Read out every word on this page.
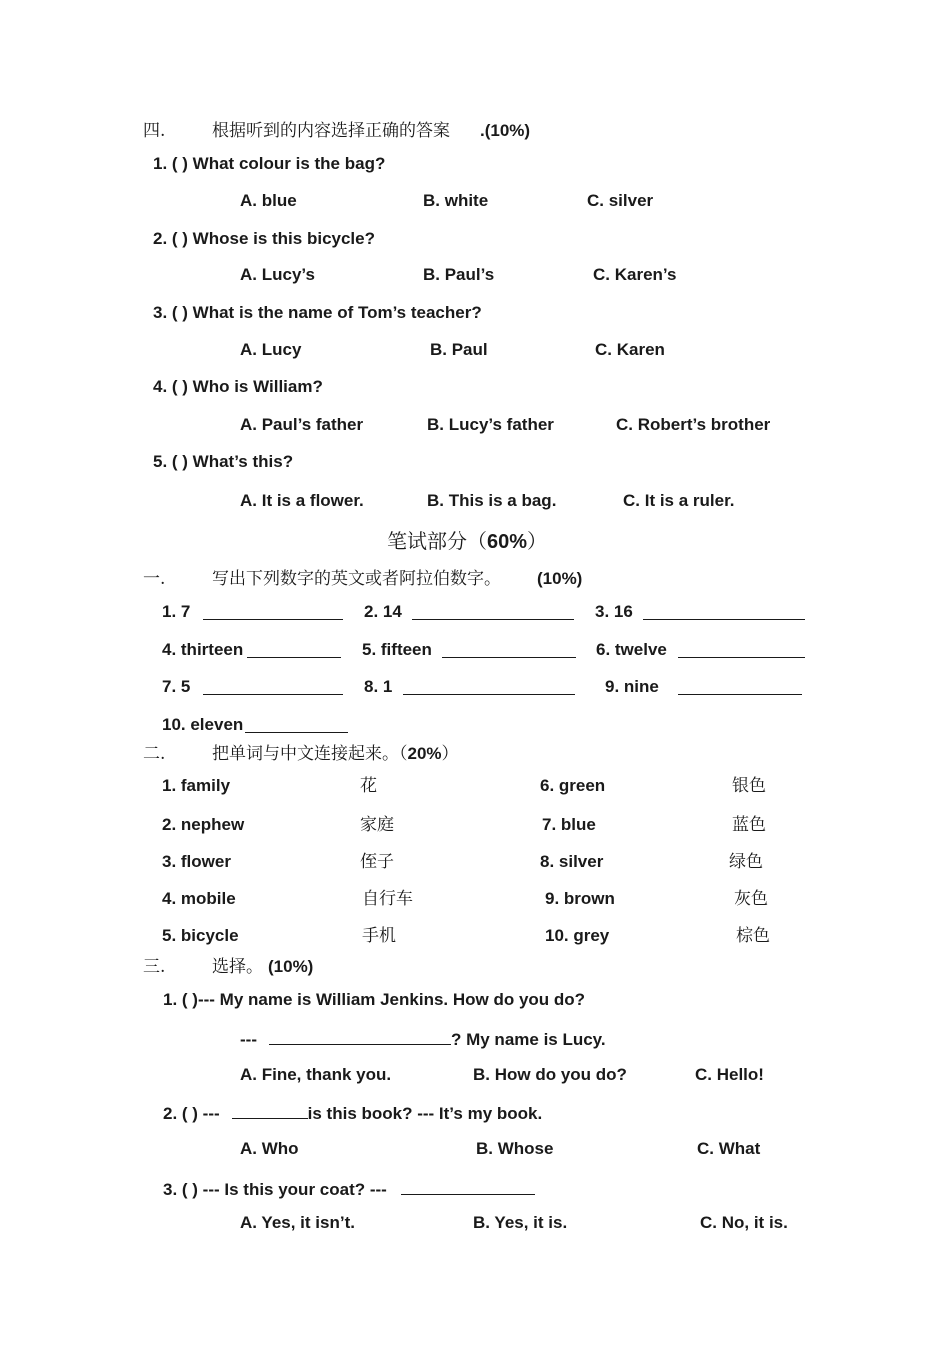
四.	根据听到的内容选择正确的答案 .(10%)
1. ( ) What colour is the bag?
A. blue	B. white	C. silver
2. ( ) Whose is this bicycle?
A. Lucy’s	B. Paul’s	C. Karen’s
3. ( ) What is the name of Tom’s teacher?
A. Lucy	B. Paul	C. Karen
4. ( ) Who is William?
A. Paul’s father	B. Lucy’s father	C. Robert’s brother
5. ( ) What’s this?
A. It is a flower.	B. This is a bag.	C. It is a ruler.
笔试部分（60%）
一.	写出下列数字的英文或者阿拉伯数字。 (10%)
1. 7	2. 14	3. 16
4. thirteen	5. fifteen	6. twelve
7. 5	8. 1	9. nine
10. eleven
二.	把单词与中文连接起来。（20%）
1. family	花	6. green	银色
2. nephew	家庭	7. blue	蓝色
3. flower	侄子	8. silver	绿色
4. mobile	自行车	9. brown	灰色
5. bicycle	手机	10. grey	棕色
三.	选择。 (10%)
1. ( )--- My name is William Jenkins. How do you do?
---	? My name is Lucy.
A. Fine, thank you.	B. How do you do?	C. Hello!
2. ( ) ---	is this book? --- It’s my book.
A. Who	B. Whose	C. What
3. ( ) --- Is this your coat? ---
A. Yes, it isn’t.	B. Yes, it is.	C. No, it is.
